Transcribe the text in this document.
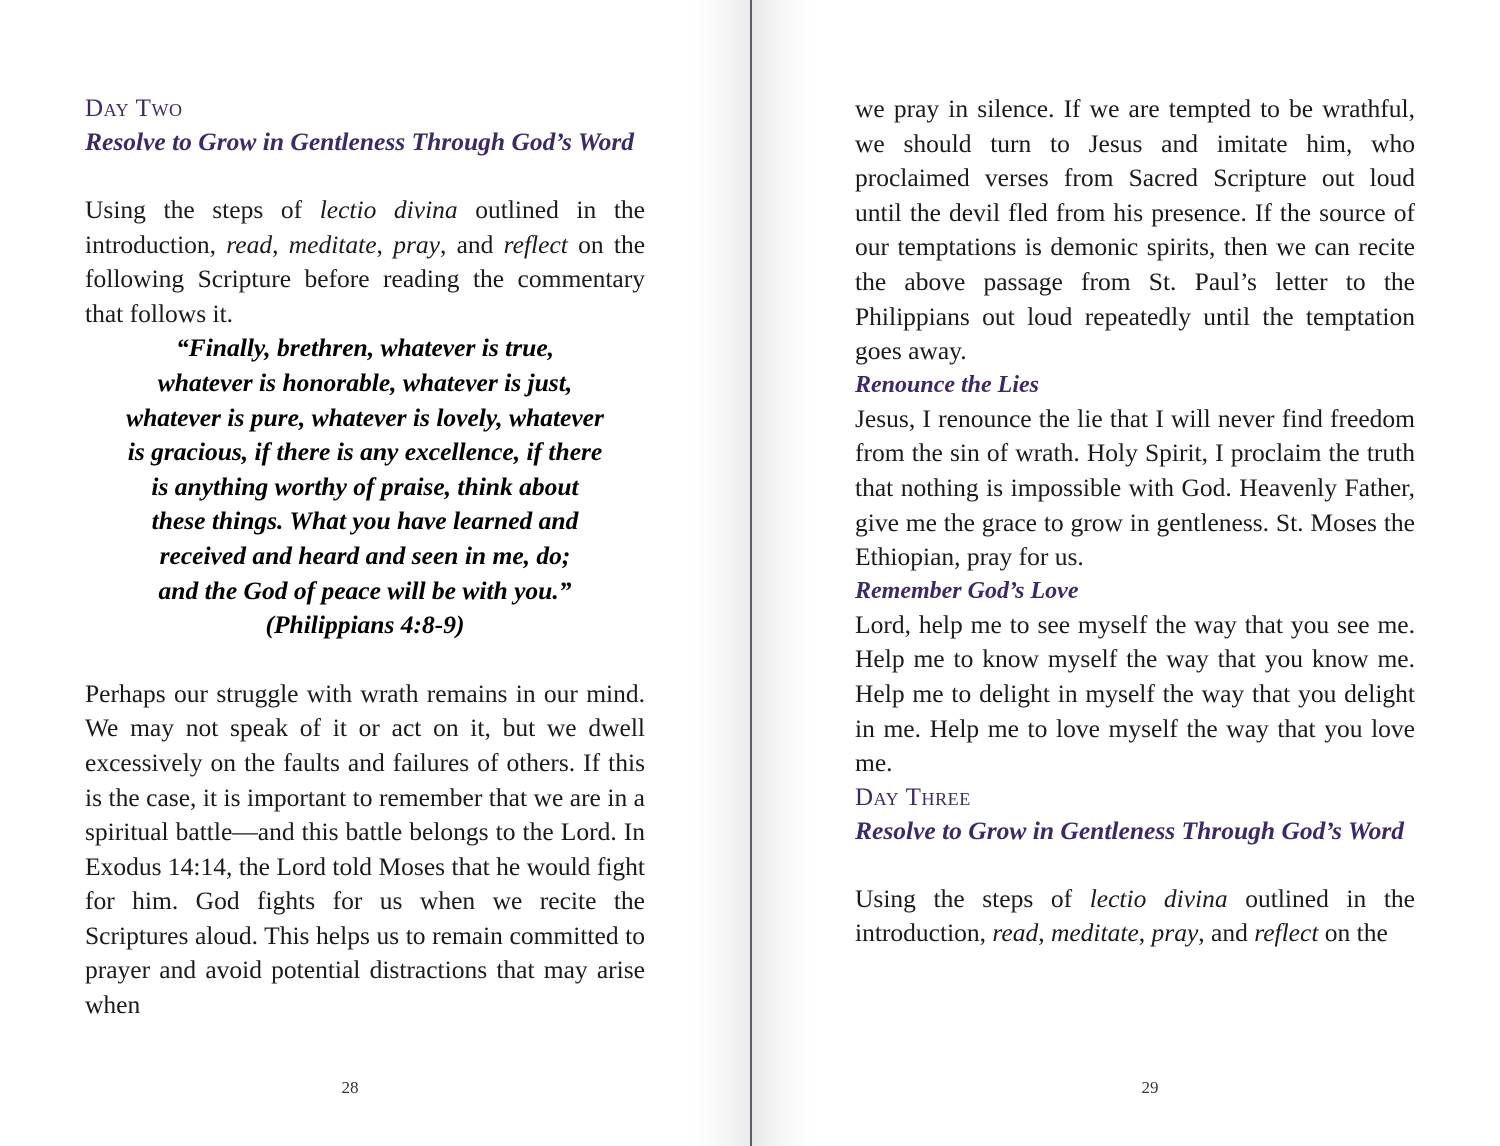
Day Two
Resolve to Grow in Gentleness Through God’s Word

Using the steps of lectio divina outlined in the introduction, read, meditate, pray, and reflect on the following Scripture before reading the commentary that follows it.

“Finally, brethren, whatever is true,
whatever is honorable, whatever is just,
whatever is pure, whatever is lovely, whatever
is gracious, if there is any excellence, if there
is anything worthy of praise, think about
these things. What you have learned and
received and heard and seen in me, do;
and the God of peace will be with you.”
(Philippians 4:8-9)

Perhaps our struggle with wrath remains in our mind. We may not speak of it or act on it, but we dwell excessively on the faults and failures of others. If this is the case, it is important to remember that we are in a spiritual battle—and this battle belongs to the Lord. In Exodus 14:14, the Lord told Moses that he would fight for him. God fights for us when we recite the Scriptures aloud. This helps us to remain committed to prayer and avoid potential distractions that may arise when

28

we pray in silence. If we are tempted to be wrathful, we should turn to Jesus and imitate him, who proclaimed verses from Sacred Scripture out loud until the devil fled from his presence. If the source of our temptations is demonic spirits, then we can recite the above passage from St. Paul’s letter to the Philippians out loud repeatedly until the temptation goes away.

Renounce the Lies

Jesus, I renounce the lie that I will never find freedom from the sin of wrath. Holy Spirit, I proclaim the truth that nothing is impossible with God. Heavenly Father, give me the grace to grow in gentleness. St. Moses the Ethiopian, pray for us.

Remember God’s Love

Lord, help me to see myself the way that you see me. Help me to know myself the way that you know me. Help me to delight in myself the way that you delight in me. Help me to love myself the way that you love me.

Day Three
Resolve to Grow in Gentleness Through God’s Word

Using the steps of lectio divina outlined in the introduction, read, meditate, pray, and reflect on the

29
